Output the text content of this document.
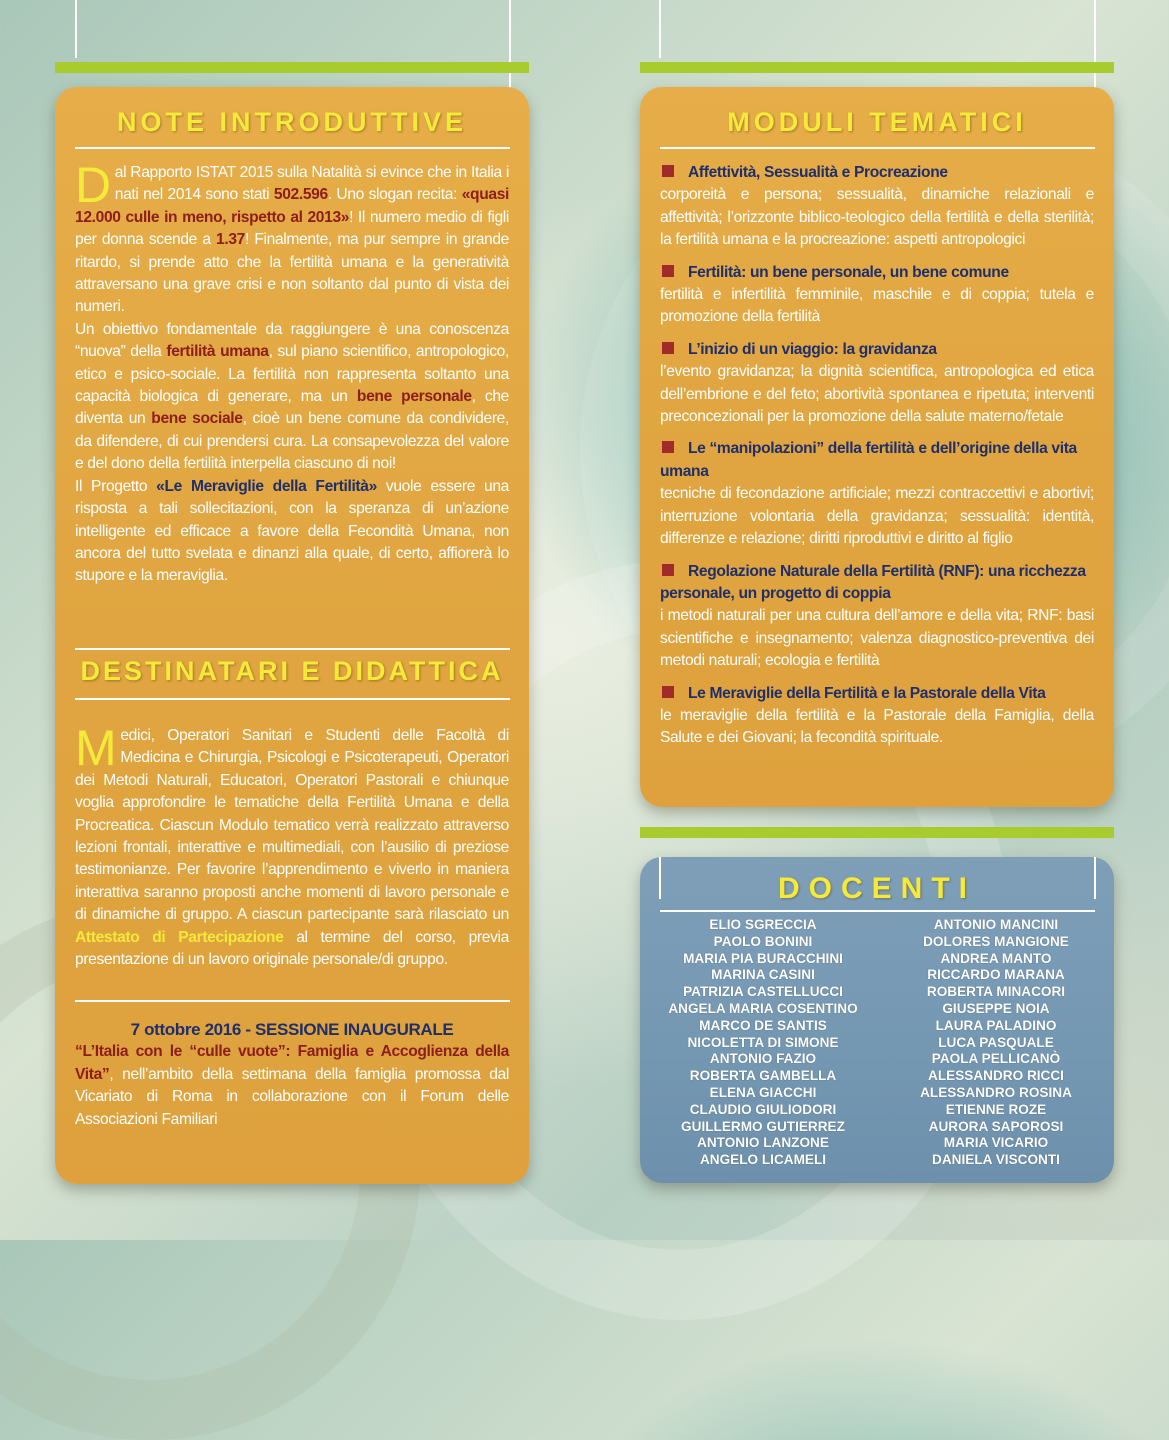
NOTE INTRODUTTIVE
D al Rapporto ISTAT 2015 sulla Natalità si evince che in Italia i nati nel 2014 sono stati 502.596. Uno slogan recita: «quasi 12.000 culle in meno, rispetto al 2013»! Il numero medio di figli per donna scende a 1.37! Finalmente, ma pur sempre in grande ritardo, si prende atto che la fertilità umana e la generatività attraversano una grave crisi e non soltanto dal punto di vista dei numeri.

Un obiettivo fondamentale da raggiungere è una conoscenza “nuova” della fertilità umana, sul piano scientifico, antropologico, etico e psico-sociale. La fertilità non rappresenta soltanto una capacità biologica di generare, ma un bene personale, che diventa un bene sociale, cioè un bene comune da condividere, da difendere, di cui prendersi cura. La consapevolezza del valore e del dono della fertilità interpella ciascuno di noi!

Il Progetto «Le Meraviglie della Fertilità» vuole essere una risposta a tali sollecitazioni, con la speranza di un’azione intelligente ed efficace a favore della Fecondità Umana, non ancora del tutto svelata e dinanzi alla quale, di certo, affiorerà lo stupore e la meraviglia.

DESTINATARI E DIDATTICA
M edici, Operatori Sanitari e Studenti delle Facoltà di Medicina e Chirurgia, Psicologi e Psicoterapeuti, Operatori dei Metodi Naturali, Educatori, Operatori Pastorali e chiunque voglia approfondire le tematiche della Fertilità Umana e della Procreatica. Ciascun Modulo tematico verrà realizzato attraverso lezioni frontali, interattive e multimediali, con l’ausilio di preziose testimonianze. Per favorire l’apprendimento e viverlo in maniera interattiva saranno proposti anche momenti di lavoro personale e di dinamiche di gruppo. A ciascun partecipante sarà rilasciato un Attestato di Partecipazione al termine del corso, previa presentazione di un lavoro originale personale/di gruppo.

7 ottobre 2016 - SESSIONE INAUGURALE

“L’Italia con le “culle vuote”: Famiglia e Accoglienza della Vita”, nell’ambito della settimana della famiglia promossa dal Vicariato di Roma in collaborazione con il Forum delle Associazioni Familiari

MODULI TEMATICI
Affettività, Sessualità e Procreazione
corporeità e persona; sessualità, dinamiche relazionali e affettività; l’orizzonte biblico-teologico della fertilità e della sterilità; la fertilità umana e la procreazione: aspetti antropologici
Fertilità: un bene personale, un bene comune
fertilità e infertilità femminile, maschile e di coppia; tutela e promozione della fertilità
L’inizio di un viaggio: la gravidanza
l’evento gravidanza; la dignità scientifica, antropologica ed etica dell’embrione e del feto; abortività spontanea e ripetuta; interventi preconcezionali per la promozione della salute materno/fetale
Le “manipolazioni” della fertilità e dell’origine della vita umana
tecniche di fecondazione artificiale; mezzi contraccettivi e abortivi; interruzione volontaria della gravidanza; sessualità: identità, differenze e relazione; diritti riproduttivi e diritto al figlio
Regolazione Naturale della Fertilità (RNF): una ricchezza personale, un progetto di coppia
i metodi naturali per una cultura dell’amore e della vita; RNF: basi scientifiche e insegnamento; valenza diagnostico-preventiva dei metodi naturali; ecologia e fertilità
Le Meraviglie della Fertilità e la Pastorale della Vita
le meraviglie della fertilità e la Pastorale della Famiglia, della Salute e dei Giovani; la fecondità spirituale.
DOCENTI
ELIO SGRECCIA
PAOLO BONINI
MARIA PIA BURACCHINI
MARINA CASINI
PATRIZIA CASTELLUCCI
ANGELA MARIA COSENTINO
MARCO DE SANTIS
NICOLETTA DI SIMONE
ANTONIO FAZIO
ROBERTA GAMBELLA
ELENA GIACCHI
CLAUDIO GIULIODORI
GUILLERMO GUTIERREZ
ANTONIO LANZONE
ANGELO LICAMELI
ANTONIO MANCINI
DOLORES MANGIONE
ANDREA MANTO
RICCARDO MARANA
ROBERTA MINACORI
GIUSEPPE NOIA
LAURA PALADINO
LUCA PASQUALE
PAOLA PELLICANÒ
ALESSANDRO RICCI
ALESSANDRO ROSINA
ETIENNE ROZE
AURORA SAPOROSI
MARIA VICARIO
DANIELA VISCONTI
